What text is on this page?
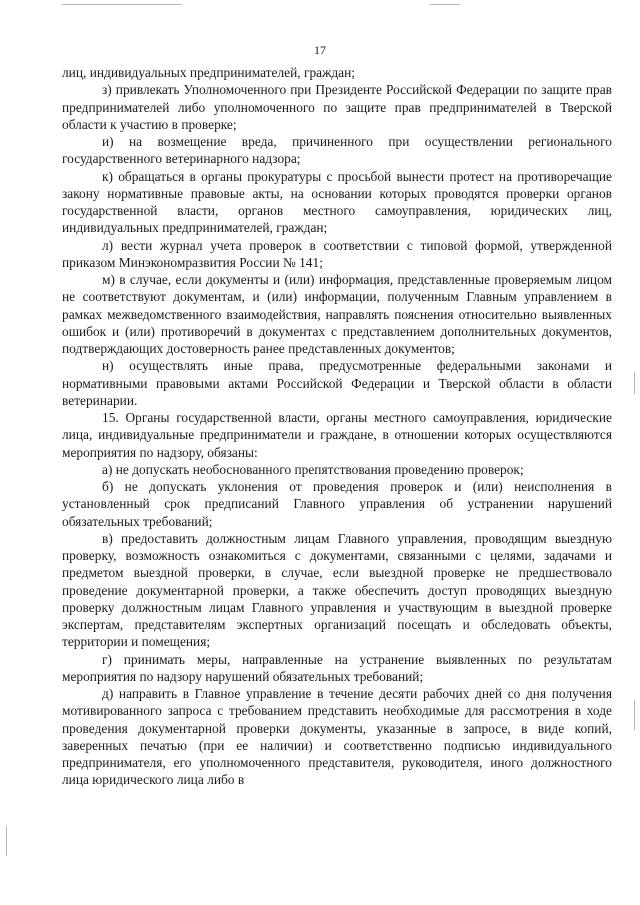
17

лиц, индивидуальных предпринимателей, граждан;

з) привлекать Уполномоченного при Президенте Российской Федерации по защите прав предпринимателей либо уполномоченного по защите прав предпринимателей в Тверской области к участию в проверке;

и) на возмещение вреда, причиненного при осуществлении регионального государственного ветеринарного надзора;

к) обращаться в органы прокуратуры с просьбой вынести протест на противоречащие закону нормативные правовые акты, на основании которых проводятся проверки органов государственной власти, органов местного самоуправления, юридических лиц, индивидуальных предпринимателей, граждан;

л) вести журнал учета проверок в соответствии с типовой формой, утвержденной приказом Минэкономразвития России № 141;

м) в случае, если документы и (или) информация, представленные проверяемым лицом не соответствуют документам, и (или) информации, полученным Главным управлением в рамках межведомственного взаимодействия, направлять пояснения относительно выявленных ошибок и (или) противоречий в документах с представлением дополнительных документов, подтверждающих достоверность ранее представленных документов;

н) осуществлять иные права, предусмотренные федеральными законами и нормативными правовыми актами Российской Федерации и Тверской области в области ветеринарии.

15. Органы государственной власти, органы местного самоуправления, юридические лица, индивидуальные предприниматели и граждане, в отношении которых осуществляются мероприятия по надзору, обязаны:

а) не допускать необоснованного препятствования проведению проверок;

б) не допускать уклонения от проведения проверок и (или) неисполнения в установленный срок предписаний Главного управления об устранении нарушений обязательных требований;

в) предоставить должностным лицам Главного управления, проводящим выездную проверку, возможность ознакомиться с документами, связанными с целями, задачами и предметом выездной проверки, в случае, если выездной проверке не предшествовало проведение документарной проверки, а также обеспечить доступ проводящих выездную проверку должностным лицам Главного управления и участвующим в выездной проверке экспертам, представителям экспертных организаций посещать и обследовать объекты, территории и помещения;

г) принимать меры, направленные на устранение выявленных по результатам мероприятия по надзору нарушений обязательных требований;

д) направить в Главное управление в течение десяти рабочих дней со дня получения мотивированного запроса с требованием представить необходимые для рассмотрения в ходе проведения документарной проверки документы, указанные в запросе, в виде копий, заверенных печатью (при ее наличии) и соответственно подписью индивидуального предпринимателя, его уполномоченного представителя, руководителя, иного должностного лица юридического лица либо в
